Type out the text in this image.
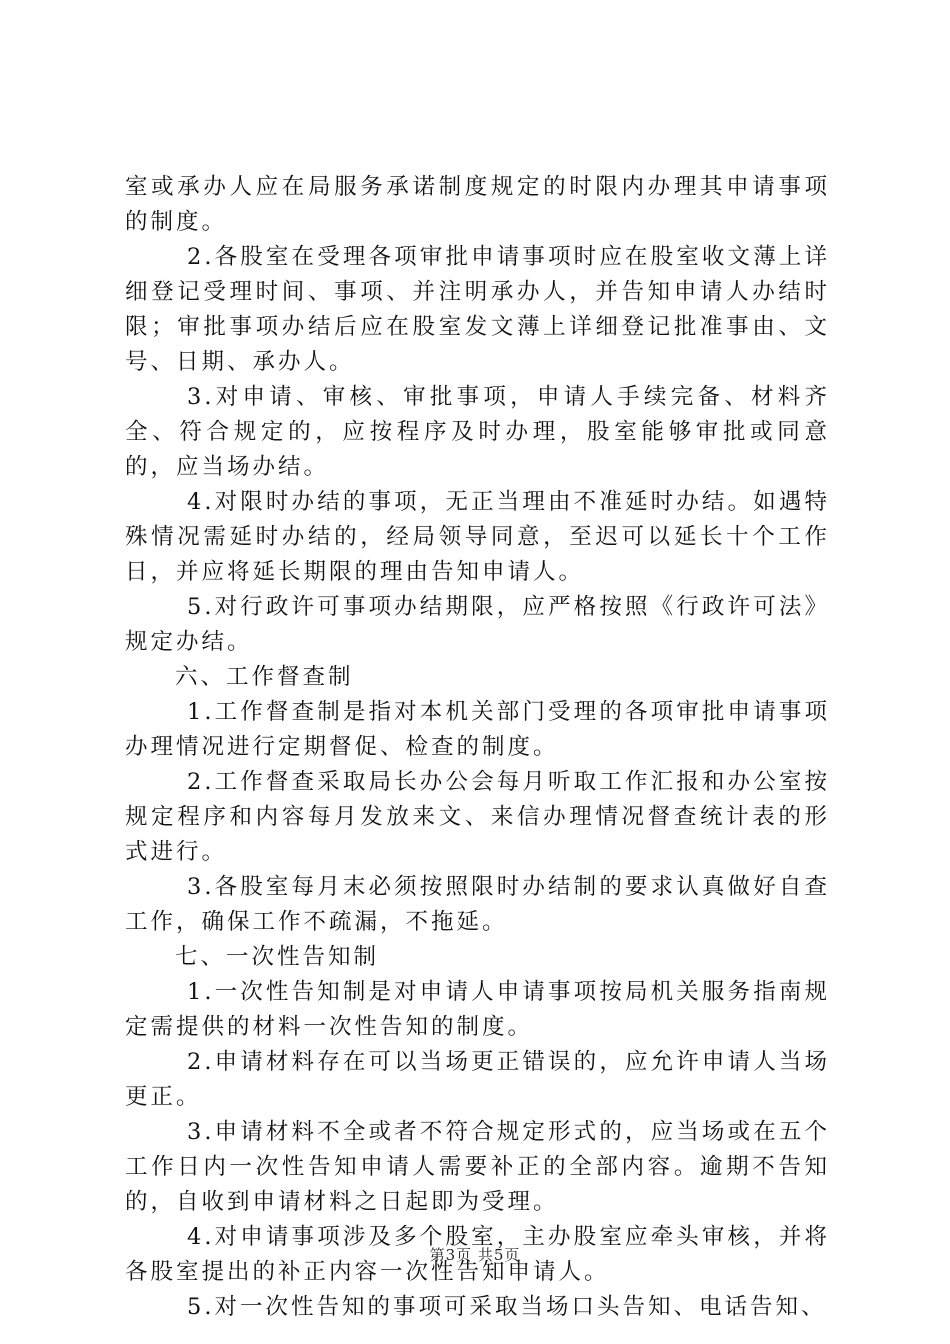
室或承办人应在局服务承诺制度规定的时限内办理其申请事项的制度。

2.各股室在受理各项审批申请事项时应在股室收文薄上详细登记受理时间、事项、并注明承办人，并告知申请人办结时限；审批事项办结后应在股室发文薄上详细登记批准事由、文号、日期、承办人。

3.对申请、审核、审批事项，申请人手续完备、材料齐全、符合规定的，应按程序及时办理，股室能够审批或同意的，应当场办结。

4.对限时办结的事项，无正当理由不准延时办结。如遇特殊情况需延时办结的，经局领导同意，至迟可以延长十个工作日，并应将延长期限的理由告知申请人。

5.对行政许可事项办结期限，应严格按照《行政许可法》规定办结。

六、工作督查制

1.工作督查制是指对本机关部门受理的各项审批申请事项办理情况进行定期督促、检查的制度。

2.工作督查采取局长办公会每月听取工作汇报和办公室按规定程序和内容每月发放来文、来信办理情况督查统计表的形式进行。

3.各股室每月末必须按照限时办结制的要求认真做好自查工作，确保工作不疏漏，不拖延。

七、一次性告知制

1.一次性告知制是对申请人申请事项按局机关服务指南规定需提供的材料一次性告知的制度。

2.申请材料存在可以当场更正错误的，应允许申请人当场更正。

3.申请材料不全或者不符合规定形式的，应当场或在五个工作日内一次性告知申请人需要补正的全部内容。逾期不告知的，自收到申请材料之日起即为受理。

4.对申请事项涉及多个股室，主办股室应牵头审核，并将各股室提出的补正内容一次性告知申请人。

5.对一次性告知的事项可采取当场口头告知、电话告知、

第3页 共5页
